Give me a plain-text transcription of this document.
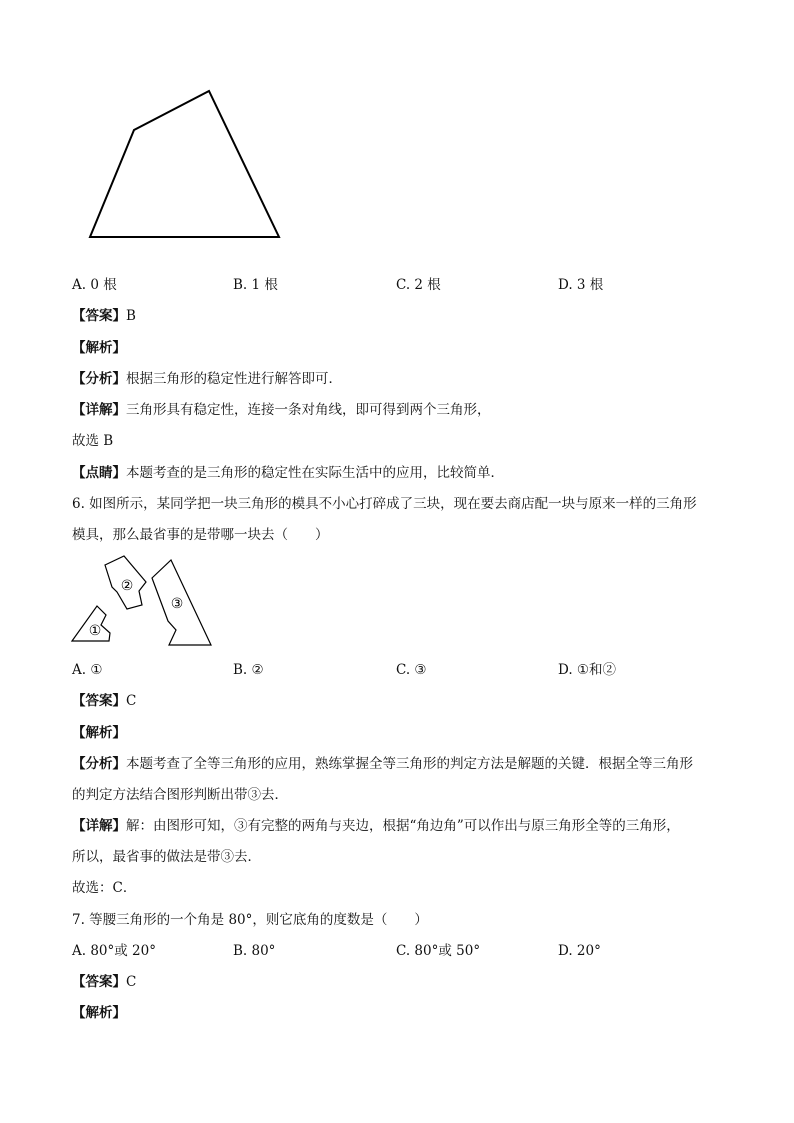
A. 0 根	B. 1 根	C. 2 根	D. 3 根
【答案】B
【解析】
【分析】根据三角形的稳定性进行解答即可．
【详解】三角形具有稳定性，连接一条对角线，即可得到两个三角形，
故选 B
【点睛】本题考查的是三角形的稳定性在实际生活中的应用，比较简单．
6. 如图所示，某同学把一块三角形的模具不小心打碎成了三块，现在要去商店配一块与原来一样的三角形
模具，那么最省事的是带哪一块去（　　）
①
②
③
A. ①	B. ②	C. ③	D. ①和②
【答案】C
【解析】
【分析】本题考查了全等三角形的应用，熟练掌握全等三角形的判定方法是解题的关键．根据全等三角形
的判定方法结合图形判断出带③去．
【详解】解：由图形可知，③有完整的两角与夹边，根据“角边角”可以作出与原三角形全等的三角形，
所以，最省事的做法是带③去．
故选：C．
7. 等腰三角形的一个角是 80°，则它底角的度数是（　　）
A. 80°或 20°	B. 80°	C. 80°或 50°	D. 20°
【答案】C
【解析】
